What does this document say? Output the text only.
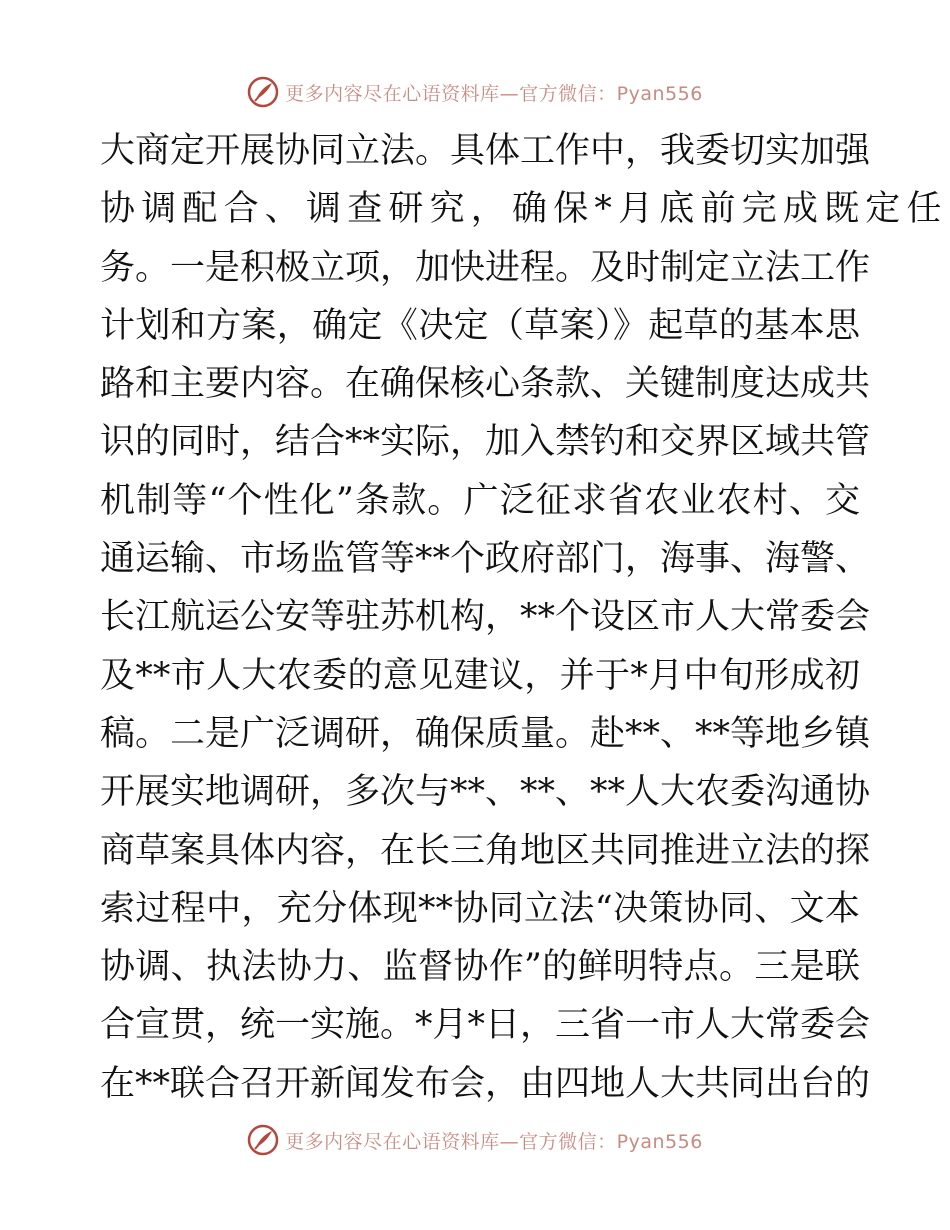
更多内容尽在心语资料库—官方微信：Pyan556
大商定开展协同立法。具体工作中，我委切实加强
协调配合、调查研究，确保*月底前完成既定任
务。一是积极立项，加快进程。及时制定立法工作
计划和方案，确定《决定（草案）》起草的基本思
路和主要内容。在确保核心条款、关键制度达成共
识的同时，结合**实际，加入禁钓和交界区域共管
机制等“个性化”条款。广泛征求省农业农村、交
通运输、市场监管等**个政府部门，海事、海警、
长江航运公安等驻苏机构，**个设区市人大常委会
及**市人大农委的意见建议，并于*月中旬形成初
稿。二是广泛调研，确保质量。赴**、**等地乡镇
开展实地调研，多次与**、**、**人大农委沟通协
商草案具体内容，在长三角地区共同推进立法的探
索过程中，充分体现**协同立法“决策协同、文本
协调、执法协力、监督协作”的鲜明特点。三是联
合宣贯，统一实施。*月*日，三省一市人大常委会
在**联合召开新闻发布会，由四地人大共同出台的
更多内容尽在心语资料库—官方微信：Pyan556
